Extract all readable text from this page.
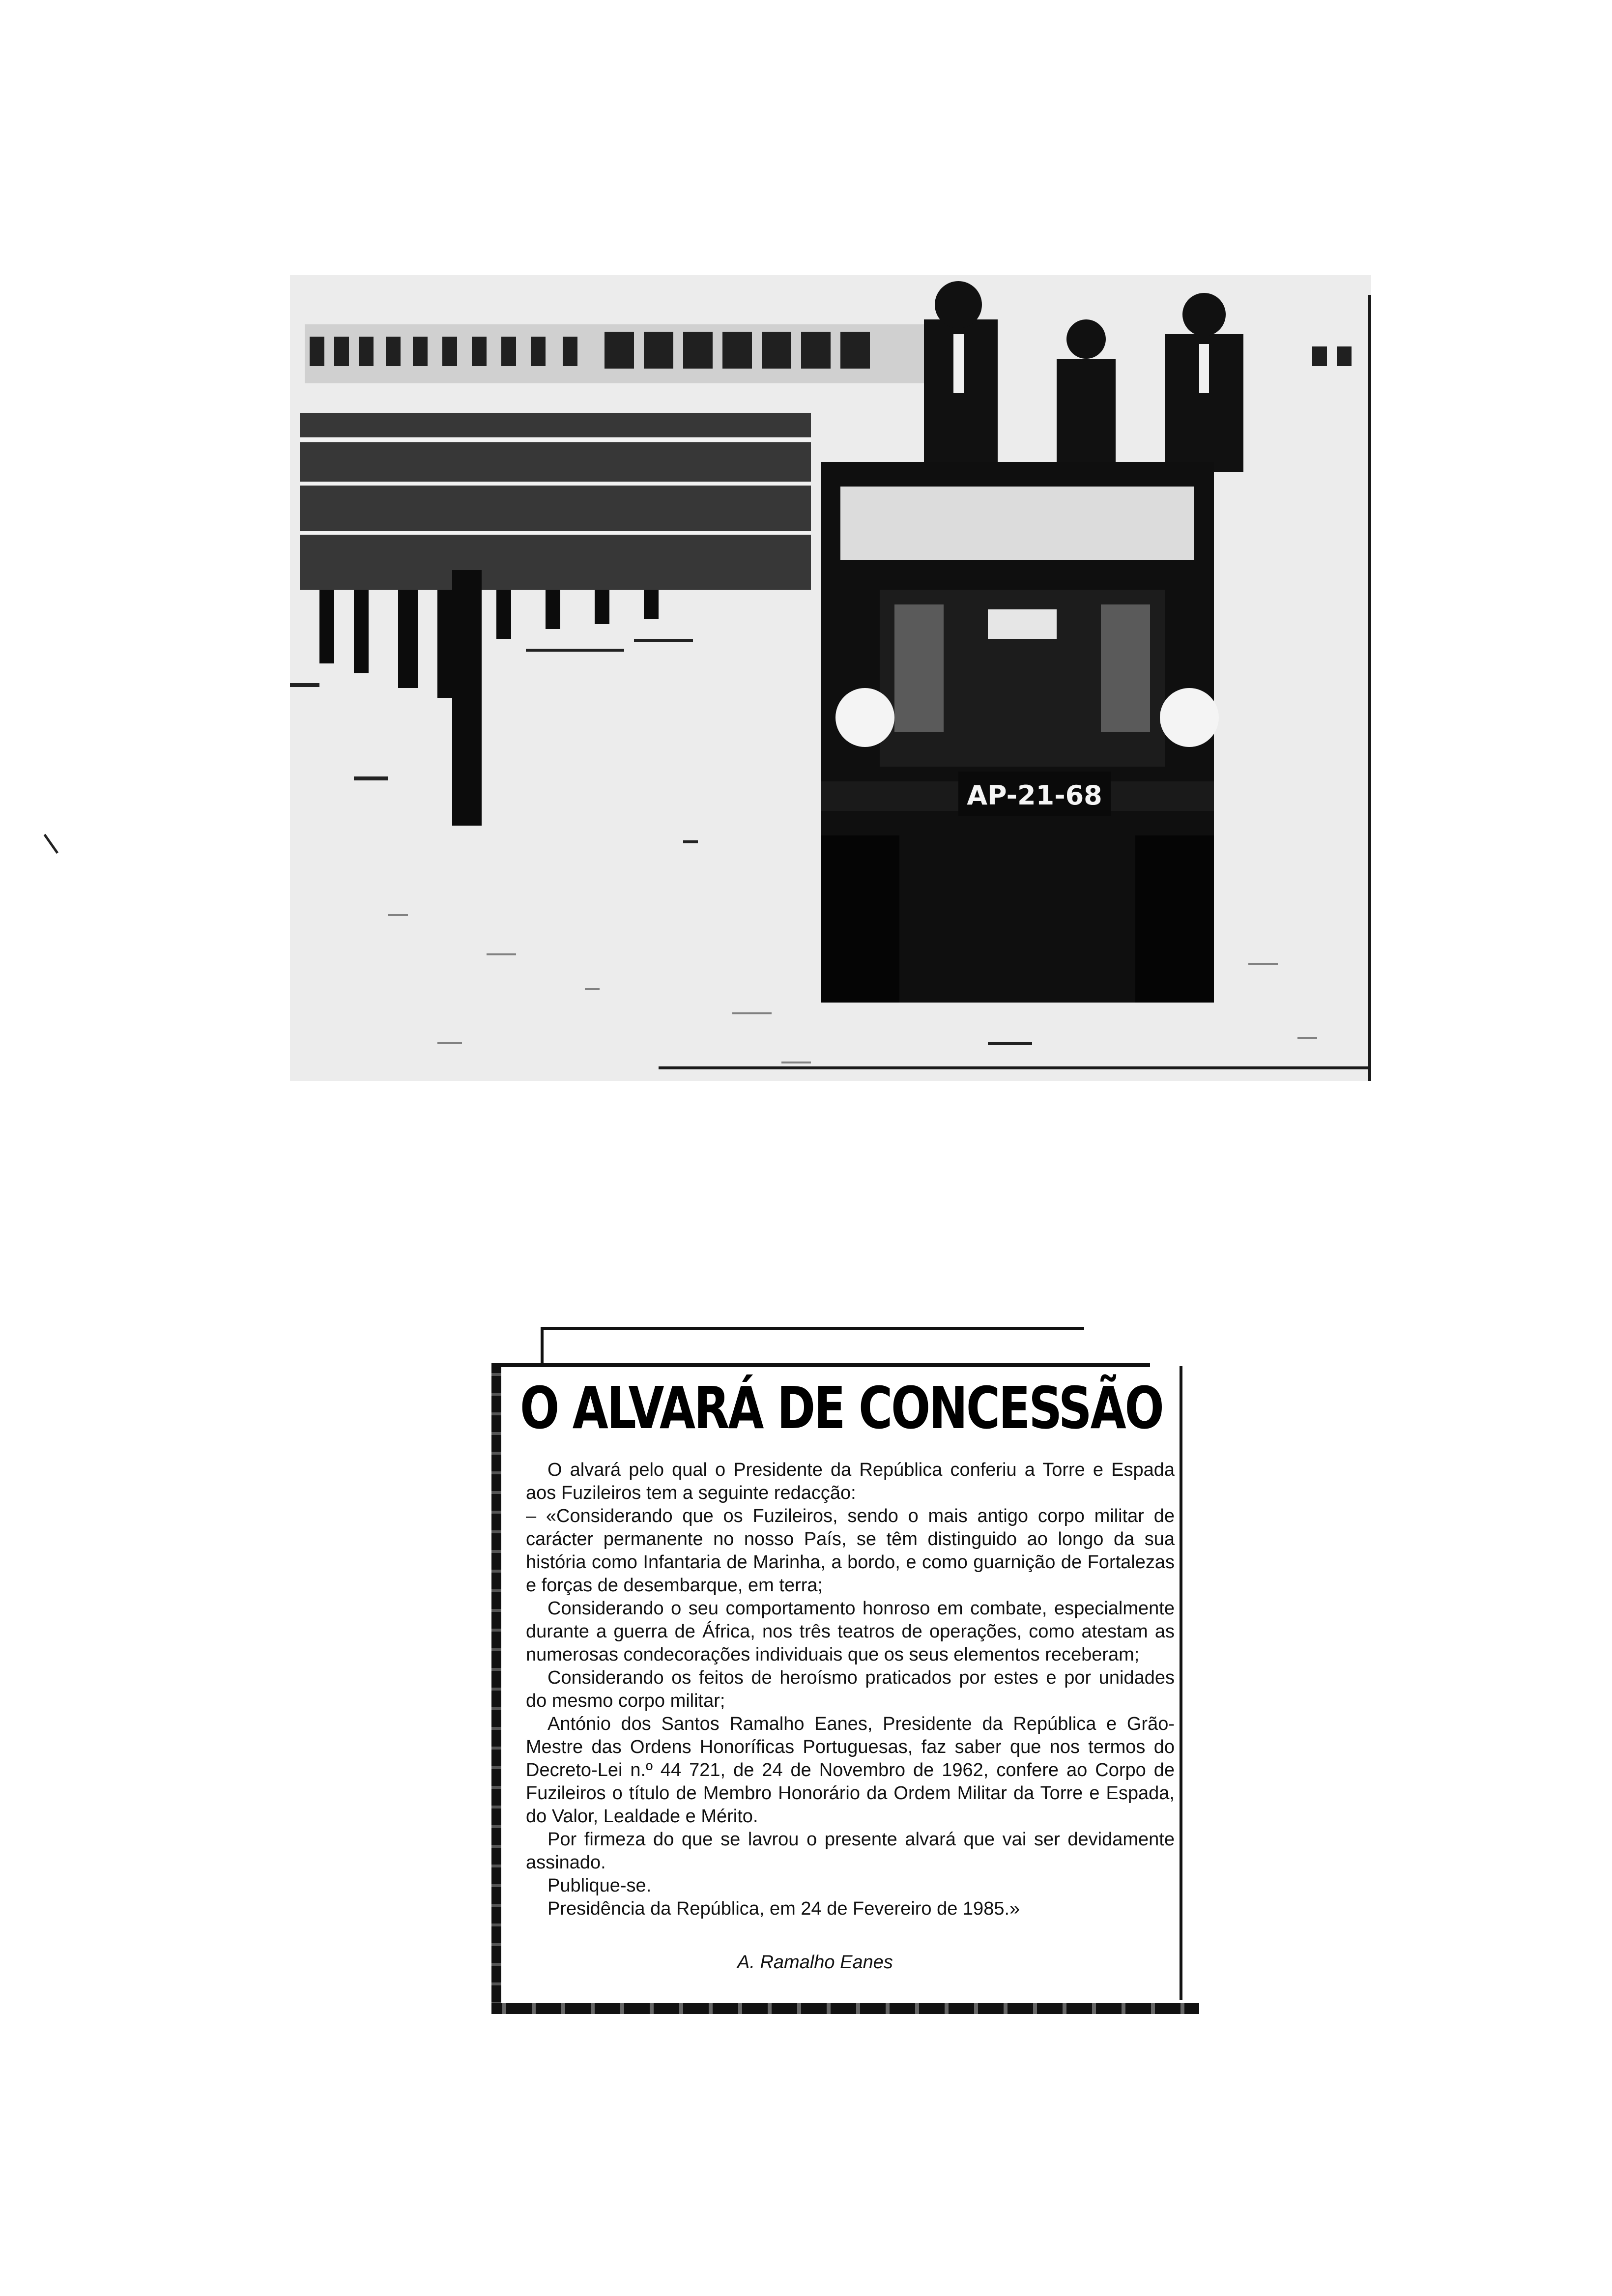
AP-21-68
O ALVARÁ DE CONCESSÃO

O alvará pelo qual o Presidente da República conferiu a Torre e Espada aos Fuzileiros tem a seguinte redacção:

– «Considerando que os Fuzileiros, sendo o mais antigo corpo militar de carácter permanente no nosso País, se têm distinguido ao longo da sua história como Infantaria de Marinha, a bordo, e como guarnição de Fortalezas e forças de desembarque, em terra;

Considerando o seu comportamento honroso em combate, especialmente durante a guerra de África, nos três teatros de operações, como atestam as numerosas condecorações individuais que os seus elementos receberam;

Considerando os feitos de heroísmo praticados por estes e por unidades do mesmo corpo militar;

António dos Santos Ramalho Eanes, Presidente da República e Grão-Mestre das Ordens Honoríficas Portuguesas, faz saber que nos termos do Decreto-Lei n.º 44 721, de 24 de Novembro de 1962, confere ao Corpo de Fuzileiros o título de Membro Honorário da Ordem Militar da Torre e Espada, do Valor, Lealdade e Mérito.

Por firmeza do que se lavrou o presente alvará que vai ser devidamente assinado.

Publique-se.

Presidência da República, em 24 de Fevereiro de 1985.»

A. Ramalho Eanes
